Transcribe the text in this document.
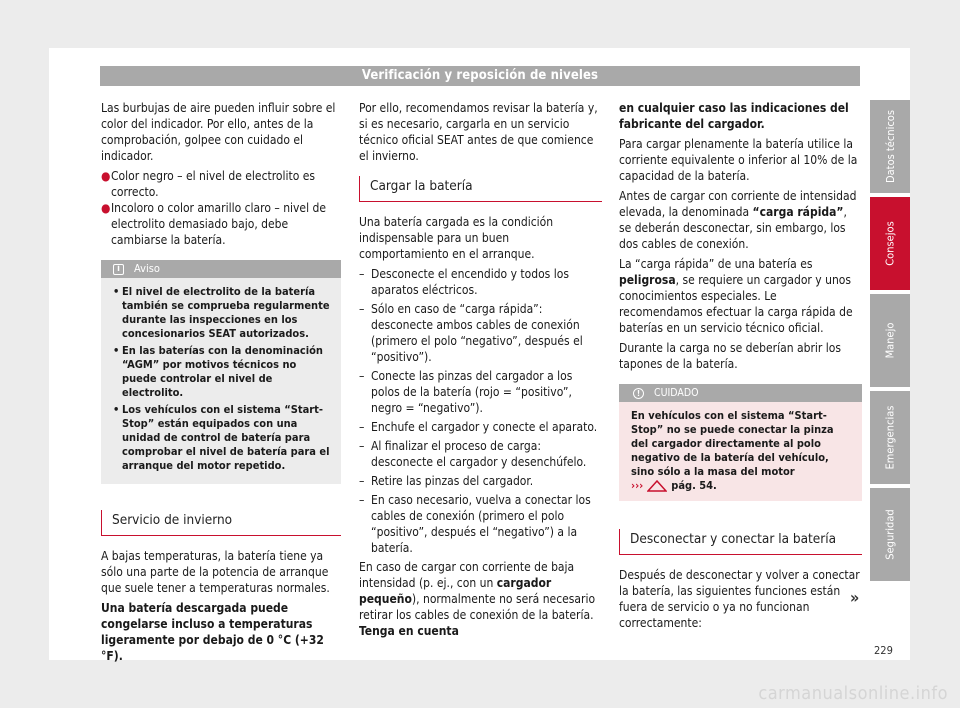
Verificación y reposición de niveles

Las burbujas de aire pueden influir sobre el color del indicador. Por ello, antes de la comprobación, golpee con cuidado el indicador.

● Color negro – el nivel de electrolito es correcto.
● Incoloro o color amarillo claro – nivel de electrolito demasiado bajo, debe cambiarse la batería.
i	Aviso
• El nivel de electrolito de la batería también se comprueba regularmente durante las inspecciones en los concesionarios SEAT autorizados.
• En las baterías con la denominación “AGM” por motivos técnicos no puede controlar el nivel de electrolito.
• Los vehículos con el sistema “Start-Stop” están equipados con una unidad de control de batería para comprobar el nivel de batería para el arranque del motor repetido.
Servicio de invierno

A bajas temperaturas, la batería tiene ya sólo una parte de la potencia de arranque que suele tener a temperaturas normales.

Una batería descargada puede congelarse incluso a temperaturas ligeramente por debajo de 0 °C (+32 °F).

Por ello, recomendamos revisar la batería y, si es necesario, cargarla en un servicio técnico oficial SEAT antes de que comience el invierno.

Cargar la batería

Una batería cargada es la condición indispensable para un buen comportamiento en el arranque.

– Desconecte el encendido y todos los aparatos eléctricos.
– Sólo en caso de “carga rápida”: desconecte ambos cables de conexión (primero el polo “negativo”, después el “positivo”).
– Conecte las pinzas del cargador a los polos de la batería (rojo = “positivo”, negro = “negativo”).
– Enchufe el cargador y conecte el aparato.
– Al finalizar el proceso de carga: desconecte el cargador y desenchúfelo.
– Retire las pinzas del cargador.
– En caso necesario, vuelva a conectar los cables de conexión (primero el polo “positivo”, después el “negativo”) a la batería.

En caso de cargar con corriente de baja intensidad (p. ej., con un cargador pequeño), normalmente no será necesario retirar los cables de conexión de la batería. Tenga en cuenta

en cualquier caso las indicaciones del fabricante del cargador.

Para cargar plenamente la batería utilice la corriente equivalente o inferior al 10% de la capacidad de la batería.

Antes de cargar con corriente de intensidad elevada, la denominada “carga rápida”, se deberán desconectar, sin embargo, los dos cables de conexión.

La “carga rápida” de una batería es peligrosa, se requiere un cargador y unos conocimientos especiales. Le recomendamos efectuar la carga rápida de baterías en un servicio técnico oficial.

Durante la carga no se deberían abrir los tapones de la batería.

!	CUIDADO
En vehículos con el sistema “Start-Stop” no se puede conectar la pinza del cargador directamente al polo negativo de la batería del vehículo, sino sólo a la masa del motor
›››	pág. 54.
Desconectar y conectar la batería

Después de desconectar y volver a conectar la batería, las siguientes funciones están fuera de servicio o ya no funcionan correctamente:

Datos técnicos
Consejos
Manejo
Emergencias
Seguridad
»
229
carmanualsonline.info
